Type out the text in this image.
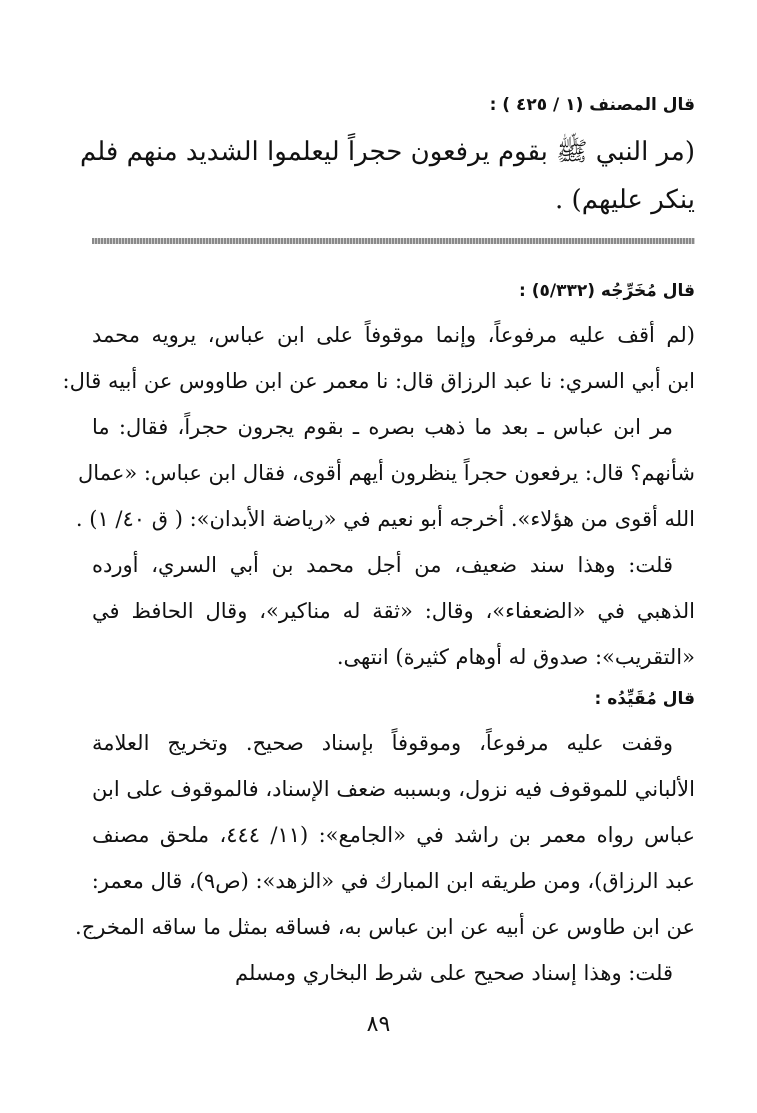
قال المصنف (١ / ٤٢٥ ) :
(مر النبي ﷺ بقوم يرفعون حجراً ليعلموا الشديد منهم فلم
ينكر عليهم) .
قال مُخَرِّجُه (٥/٣٣٢) :
(لم أقف عليه مرفوعاً، وإنما موقوفاً على ابن عباس، يرويه محمد
ابن أبي السري: نا عبد الرزاق قال: نا معمر عن ابن طاووس عن أبيه قال:
مر ابن عباس ـ بعد ما ذهب بصره ـ بقوم يجرون حجراً، فقال: ما
شأنهم؟ قال: يرفعون حجراً ينظرون أيهم أقوى، فقال ابن عباس: «عمال
الله أقوى من هؤلاء». أخرجه أبو نعيم في «رياضة الأبدان»: ( ق ٤٠/ ١) .
قلت: وهذا سند ضعيف، من أجل محمد بن أبي السري، أورده
الذهبي في «الضعفاء»، وقال: «ثقة له مناكير»، وقال الحافظ في
«التقريب»: صدوق له أوهام كثيرة) انتهى.
قال مُقَيِّدُه :
وقفت عليه مرفوعاً، وموقوفاً بإسناد صحيح. وتخريج العلامة
الألباني للموقوف فيه نزول، وبسببه ضعف الإسناد، فالموقوف على ابن
عباس رواه معمر بن راشد في «الجامع»: (١١/ ٤٤٤، ملحق مصنف
عبد الرزاق)، ومن طريقه ابن المبارك في «الزهد»: (ص٩)، قال معمر:
عن ابن طاوس عن أبيه عن ابن عباس به، فساقه بمثل ما ساقه المخرج.
قلت: وهذا إسناد صحيح على شرط البخاري ومسلم
٨٩
